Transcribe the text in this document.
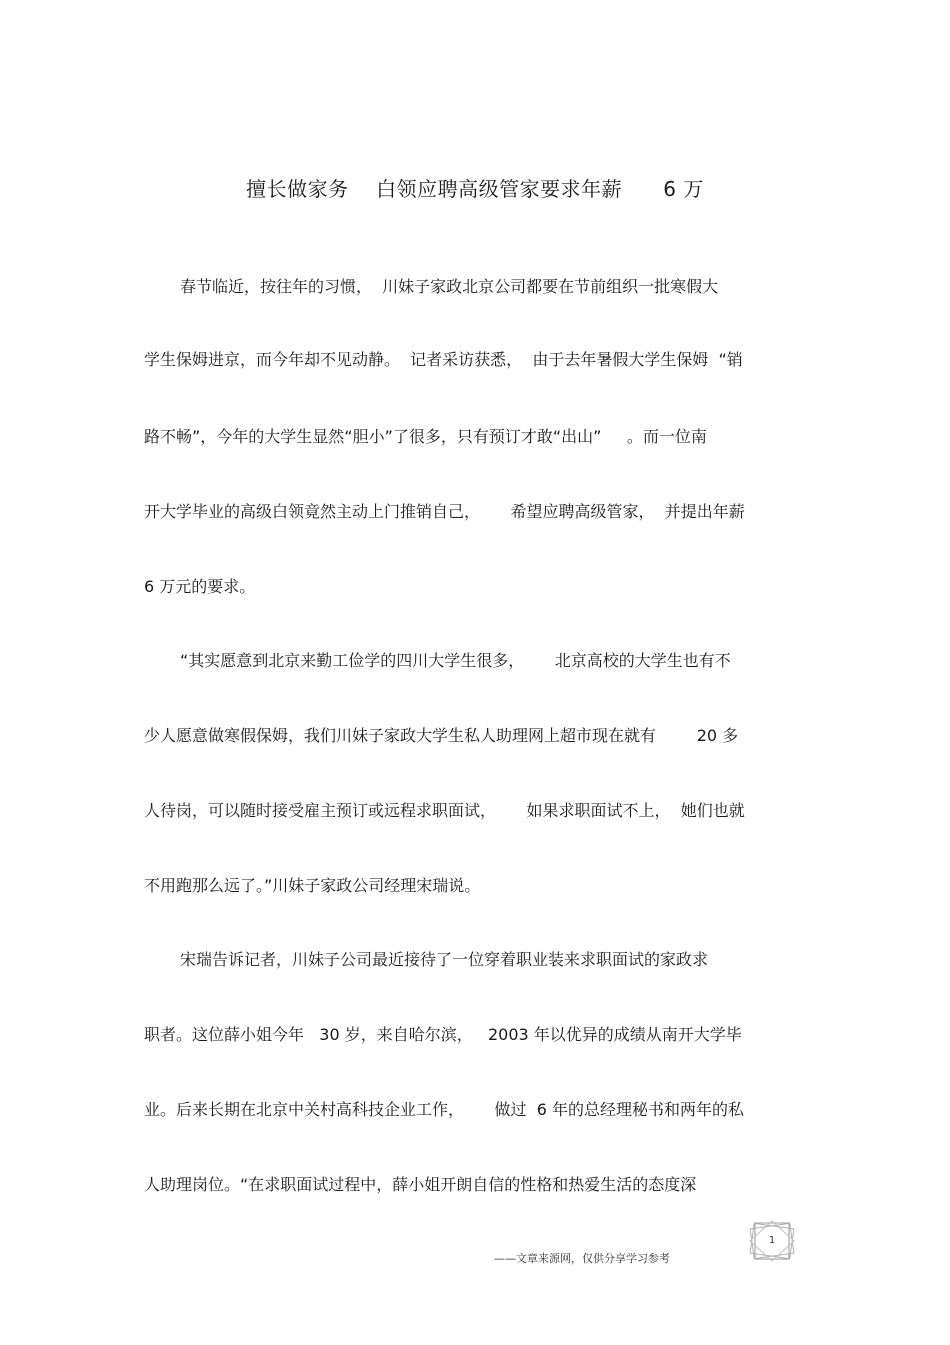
擅长做家务    白领应聘高级管家要求年薪      6 万
春节临近，按往年的习惯，  川妹子家政北京公司都要在节前组织一批寒假大
学生保姆进京，而今年却不见动静。  记者采访获悉，  由于去年暑假大学生保姆  “销
路不畅”，今年的大学生显然“胆小”了很多，只有预订才敢“出山”     。而一位南
开大学毕业的高级白领竟然主动上门推销自己，      希望应聘高级管家，  并提出年薪
6 万元的要求。
“其实愿意到北京来勤工俭学的四川大学生很多，      北京高校的大学生也有不
少人愿意做寒假保姆，我们川妹子家政大学生私人助理网上超市现在就有        20 多
人待岗，可以随时接受雇主预订或远程求职面试，      如果求职面试不上，  她们也就
不用跑那么远了。”川妹子家政公司经理宋瑞说。
宋瑞告诉记者，川妹子公司最近接待了一位穿着职业装来求职面试的家政求
职者。这位薛小姐今年   30 岁，来自哈尔滨，   2003 年以优异的成绩从南开大学毕
业。后来长期在北京中关村高科技企业工作，      做过  6 年的总经理秘书和两年的私
人助理岗位。“在求职面试过程中，薛小姐开朗自信的性格和热爱生活的态度深
1
——文章来源网，仅供分享学习参考
